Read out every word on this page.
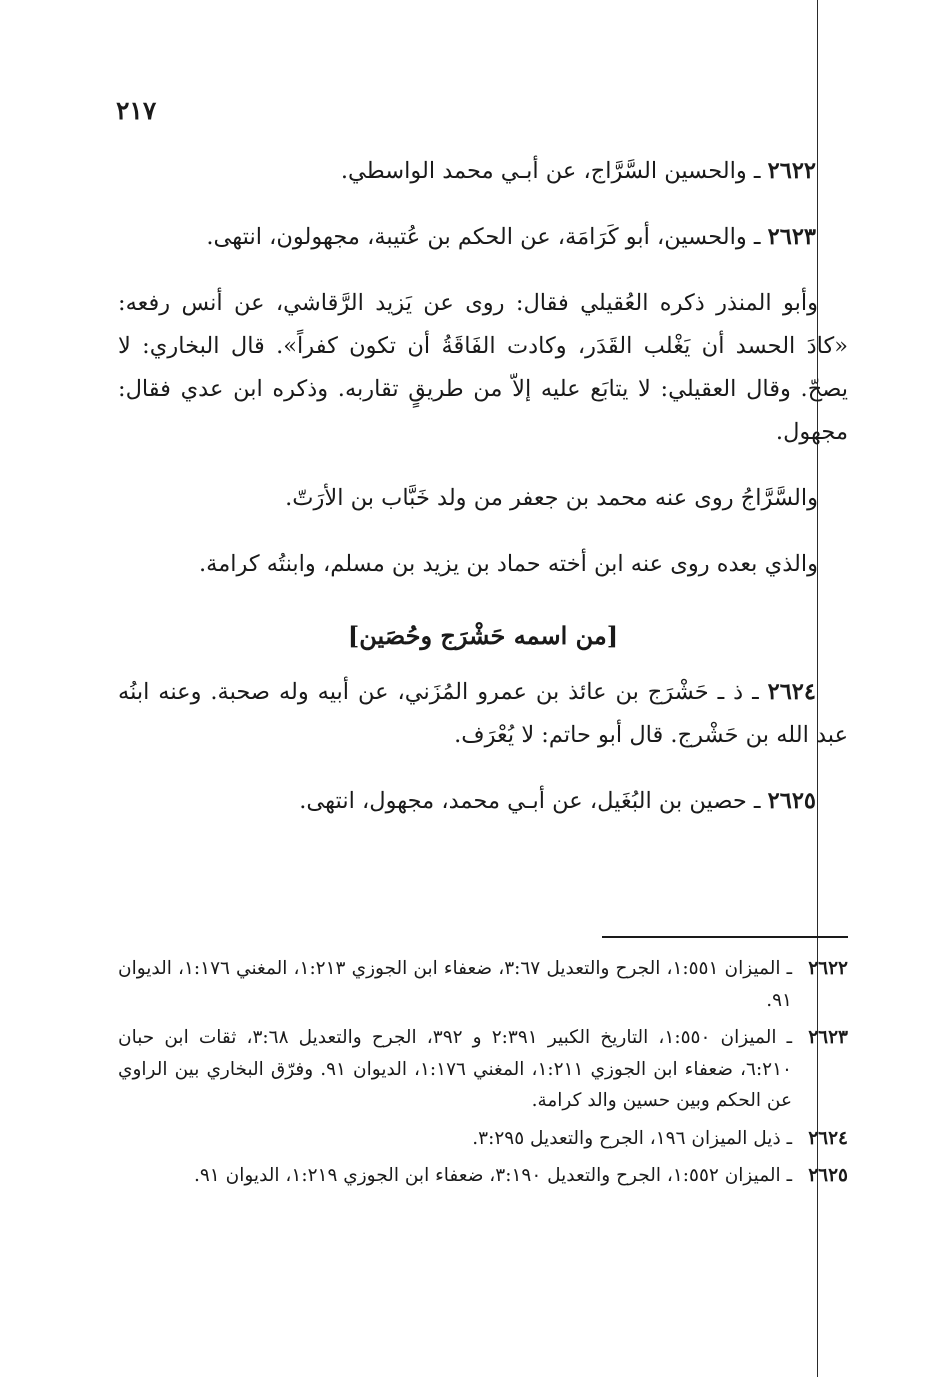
٢١٧

٢٦٢٢ ـ والحسين السَّرَّاج، عن أبـي محمد الواسطي.

٢٦٢٣ ـ والحسين، أبو كَرَامَة، عن الحكم بن عُتيبة، مجهولون، انتهى.

وأبو المنذر ذكره العُقيلي فقال: روى عن يَزيد الرَّقاشي، عن أنس رفعه: «كادَ الحسد أن يَغْلب القَدَر، وكادت الفَاقَةُ أن تكون كفراً». قال البخاري: لا يصحّ. وقال العقيلي: لا يتابَع عليه إلاّ من طريقٍ تقاربه. وذكره ابن عدي فقال: مجهول.

والسَّرَّاجُ روى عنه محمد بن جعفر من ولد خَبَّاب بن الأرَتّ.

والذي بعده روى عنه ابن أخته حماد بن يزيد بن مسلم، وابنتُه كرامة.

[من اسمه حَشْرَج وحُصَين]

٢٦٢٤ ـ ذ ـ حَشْرَج بن عائذ بن عمرو المُزَني، عن أبيه وله صحبة. وعنه ابنُه عبد الله بن حَشْرج. قال أبو حاتم: لا يُعْرَف.

٢٦٢٥ ـ حصين بن البُغَيل، عن أبـي محمد، مجهول، انتهى.

٢٦٢٢
ـ الميزان ١:٥٥١، الجرح والتعديل ٣:٦٧، ضعفاء ابن الجوزي ١:٢١٣، المغني ١:١٧٦، الديوان ٩١.
٢٦٢٣
ـ الميزان ١:٥٥٠، التاريخ الكبير ٢:٣٩١ و ٣٩٢، الجرح والتعديل ٣:٦٨، ثقات ابن حبان ٦:٢١٠، ضعفاء ابن الجوزي ١:٢١١، المغني ١:١٧٦، الديوان ٩١. وفرّق البخاري بين الراوي عن الحكم وبين حسين والد كرامة.
٢٦٢٤
ـ ذيل الميزان ١٩٦، الجرح والتعديل ٣:٢٩٥.
٢٦٢٥
ـ الميزان ١:٥٥٢، الجرح والتعديل ٣:١٩٠، ضعفاء ابن الجوزي ١:٢١٩، الديوان ٩١.
